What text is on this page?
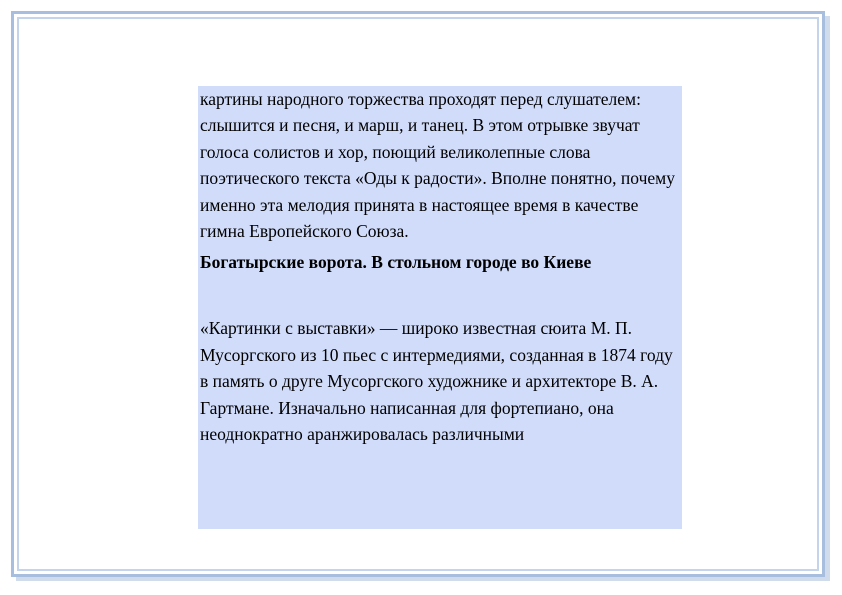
картины народного торжества проходят перед слушателем: слышится и песня, и марш, и танец. В этом отрывке звучат голоса солистов и хор, поющий великолепные слова поэтического текста «Оды к радости». Вполне понятно, почему именно эта мелодия принята в настоящее время в качестве гимна Европейского Союза.

Богатырские ворота. В стольном городе во Киеве

«Картинки с выставки» — широко известная сюита М. П. Мусоргского из 10 пьес с интермедиями, созданная в 1874 году в память о друге Мусоргского художнике и архитекторе В. А. Гартмане. Изначально написанная для фортепиано, она неоднократно аранжировалась различными
